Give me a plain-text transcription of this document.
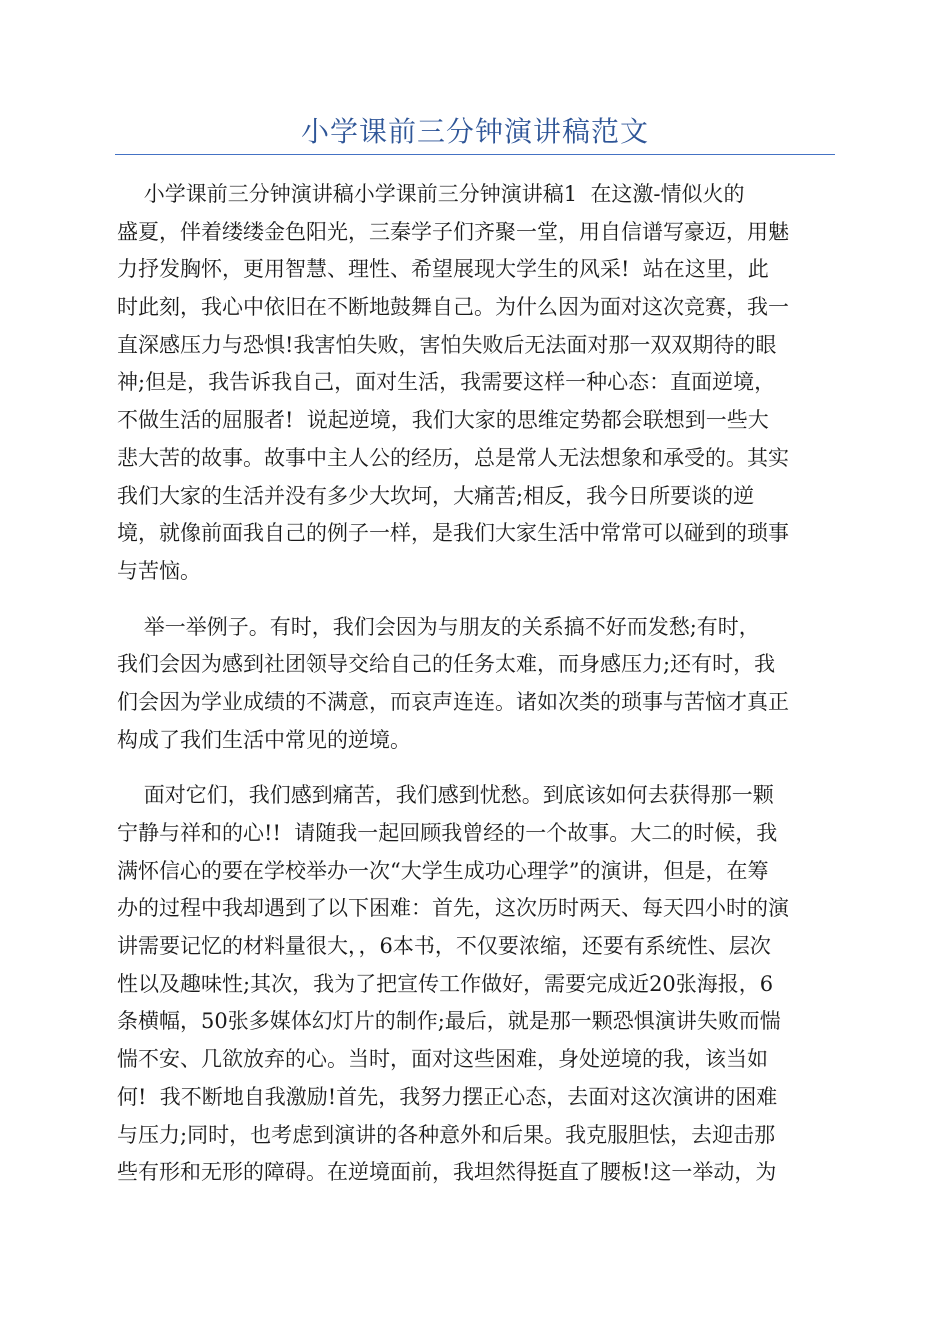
小学课前三分钟演讲稿范文
小学课前三分钟演讲稿小学课前三分钟演讲稿1  在这激-情似火的
盛夏，伴着缕缕金色阳光，三秦学子们齐聚一堂，用自信谱写豪迈，用魅
力抒发胸怀，更用智慧、理性、希望展现大学生的风采!  站在这里，此
时此刻，我心中依旧在不断地鼓舞自己。为什么因为面对这次竞赛，我一
直深感压力与恐惧!我害怕失败，害怕失败后无法面对那一双双期待的眼
神;但是，我告诉我自己，面对生活，我需要这样一种心态：直面逆境，
不做生活的屈服者!  说起逆境，我们大家的思维定势都会联想到一些大
悲大苦的故事。故事中主人公的经历，总是常人无法想象和承受的。其实
我们大家的生活并没有多少大坎坷，大痛苦;相反，我今日所要谈的逆
境，就像前面我自己的例子一样，是我们大家生活中常常可以碰到的琐事
与苦恼。
举一举例子。有时，我们会因为与朋友的关系搞不好而发愁;有时，
我们会因为感到社团领导交给自己的任务太难，而身感压力;还有时，我
们会因为学业成绩的不满意，而哀声连连。诸如次类的琐事与苦恼才真正
构成了我们生活中常见的逆境。
面对它们，我们感到痛苦，我们感到忧愁。到底该如何去获得那一颗
宁静与祥和的心!!  请随我一起回顾我曾经的一个故事。大二的时候，我
满怀信心的要在学校举办一次“大学生成功心理学”的演讲，但是，在筹
办的过程中我却遇到了以下困难：首先，这次历时两天、每天四小时的演
讲需要记忆的材料量很大，，6本书，不仅要浓缩，还要有系统性、层次
性以及趣味性;其次，我为了把宣传工作做好，需要完成近20张海报，6
条横幅，50张多媒体幻灯片的制作;最后，就是那一颗恐惧演讲失败而惴
惴不安、几欲放弃的心。当时，面对这些困难，身处逆境的我，该当如
何!  我不断地自我激励!首先，我努力摆正心态，去面对这次演讲的困难
与压力;同时，也考虑到演讲的各种意外和后果。我克服胆怯，去迎击那
些有形和无形的障碍。在逆境面前，我坦然得挺直了腰板!这一举动，为
